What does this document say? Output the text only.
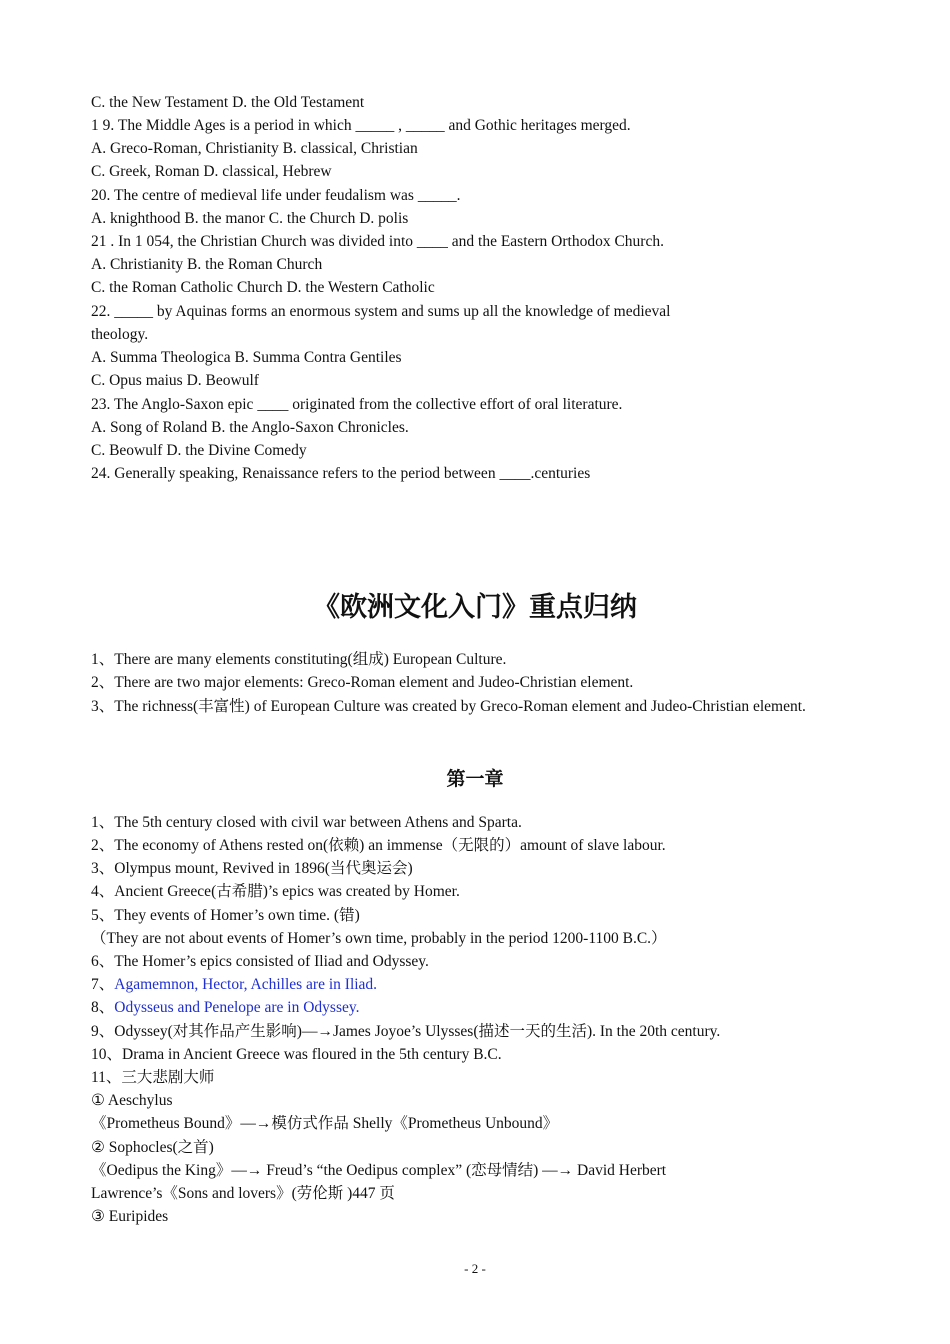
C. the New Testament D. the Old Testament
1 9. The Middle Ages is a period in which _____ , _____ and Gothic heritages merged.
A. Greco-Roman, Christianity B. classical, Christian
C. Greek, Roman D. classical, Hebrew
20. The centre of medieval life under feudalism was _____.
A. knighthood B. the manor C. the Church D. polis
21 . In 1 054, the Christian Church was divided into ____ and the Eastern Orthodox Church.
A. Christianity B. the Roman Church
C. the Roman Catholic Church D. the Western Catholic
22. _____ by Aquinas forms an enormous system and sums up all the knowledge of medieval
theology.
A. Summa Theologica B. Summa Contra Gentiles
C. Opus maius D. Beowulf
23. The Anglo-Saxon epic ____ originated from the collective effort of oral literature.
A. Song of Roland B. the Anglo-Saxon Chronicles.
C. Beowulf D. the Divine Comedy
24. Generally speaking, Renaissance refers to the period between ____.centuries
《欧洲文化入门》重点归纳
1、There are many elements constituting(组成) European Culture.
2、There are two major elements: Greco-Roman element and Judeo-Christian element.
3、The richness(丰富性) of European Culture was created by Greco-Roman element and Judeo-Christian element.
第一章
1、The 5th century closed with civil war between Athens and Sparta.
2、The economy of Athens rested on(依赖) an immense（无限的）amount of slave labour.
3、Olympus mount, Revived in 1896(当代奥运会)
4、Ancient Greece(古希腊)’s epics was created by Homer.
5、They events of Homer’s own time. (错)
（They are not about events of Homer’s own time, probably in the period 1200-1100 B.C.）
6、The Homer’s epics consisted of Iliad and Odyssey.
7、Agamemnon, Hector, Achilles are in Iliad.
8、Odysseus and Penelope are in Odyssey.
9、Odyssey(对其作品产生影响)—→James Joyoe’s Ulysses(描述一天的生活). In the 20th century.
10、Drama in Ancient Greece was floured in the 5th century B.C.
11、三大悲剧大师
① Aeschylus
《Prometheus Bound》—→模仿式作品 Shelly《Prometheus Unbound》
② Sophocles(之首)
《Oedipus the King》—→ Freud’s “the Oedipus complex” (恋母情结) —→ David Herbert
Lawrence’s《Sons and lovers》(劳伦斯 )447 页
③ Euripides
- 2 -
